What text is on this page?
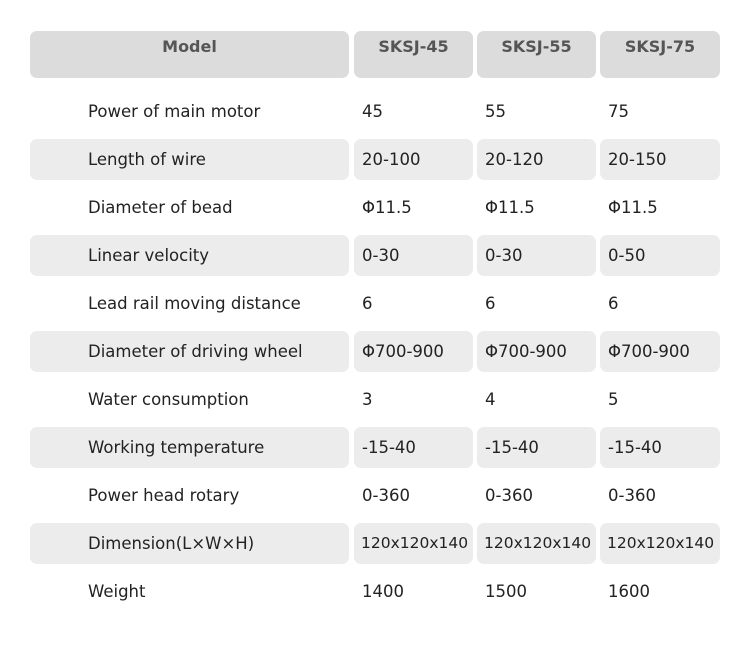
Model	SKSJ-45	SKSJ-55	SKSJ-75
Power of main motor	45	55	75
Length of wire	20-100	20-120	20-150
Diameter of bead	Φ11.5	Φ11.5	Φ11.5
Linear velocity	0-30	0-30	0-50
Lead rail moving distance	6	6	6
Diameter of driving wheel	Φ700-900	Φ700-900	Φ700-900
Water consumption	3	4	5
Working temperature	-15-40	-15-40	-15-40
Power head rotary	0-360	0-360	0-360
Dimension(L×W×H)	120x120x140	120x120x140	120x120x140
Weight	1400	1500	1600
